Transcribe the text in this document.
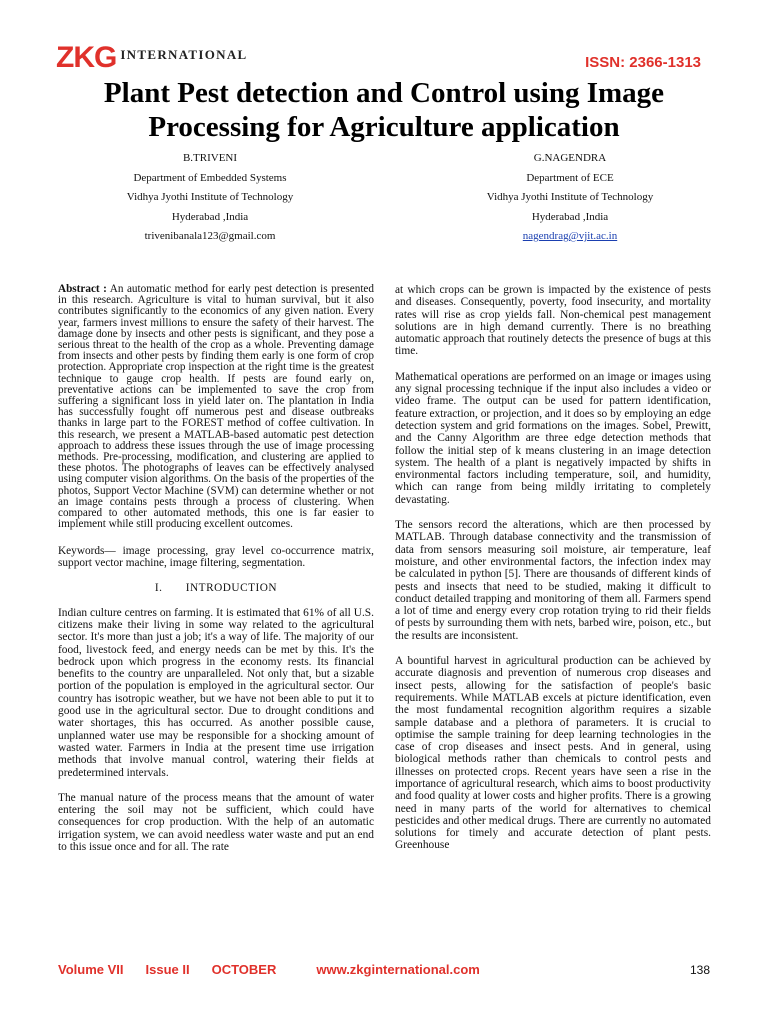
ZKG INTERNATIONAL	ISSN: 2366-1313
Plant Pest detection and Control using Image Processing for Agriculture application
B.TRIVENI
Department of Embedded Systems
Vidhya Jyothi Institute of Technology
Hyderabad ,India
trivenibanala123@gmail.com
G.NAGENDRA
Department of ECE
Vidhya Jyothi Institute of Technology
Hyderabad ,India
nagendrag@vjit.ac.in

Abstract : An automatic method for early pest detection is presented in this research. Agriculture is vital to human survival, but it also contributes significantly to the economics of any given nation. Every year, farmers invest millions to ensure the safety of their harvest. The damage done by insects and other pests is significant, and they pose a serious threat to the health of the crop as a whole. Preventing damage from insects and other pests by finding them early is one form of crop protection. Appropriate crop inspection at the right time is the greatest technique to gauge crop health. If pests are found early on, preventative actions can be implemented to save the crop from suffering a significant loss in yield later on. The plantation in India has successfully fought off numerous pest and disease outbreaks thanks in large part to the FOREST method of coffee cultivation. In this research, we present a MATLAB-based automatic pest detection approach to address these issues through the use of image processing methods. Pre-processing, modification, and clustering are applied to these photos. The photographs of leaves can be effectively analysed using computer vision algorithms. On the basis of the properties of the photos, Support Vector Machine (SVM) can determine whether or not an image contains pests through a process of clustering. When compared to other automated methods, this one is far easier to implement while still producing excellent outcomes.

Keywords— image processing, gray level co-occurrence matrix, support vector machine, image filtering, segmentation.

I.       INTRODUCTION

Indian culture centres on farming. It is estimated that 61% of all U.S. citizens make their living in some way related to the agricultural sector. It's more than just a job; it's a way of life. The majority of our food, livestock feed, and energy needs can be met by this. It's the bedrock upon which progress in the economy rests. Its financial benefits to the country are unparalleled. Not only that, but a sizable portion of the population is employed in the agricultural sector. Our country has isotropic weather, but we have not been able to put it to good use in the agricultural sector. Due to drought conditions and water shortages, this has occurred. As another possible cause, unplanned water use may be responsible for a shocking amount of wasted water. Farmers in India at the present time use irrigation methods that involve manual control, watering their fields at predetermined intervals.

The manual nature of the process means that the amount of water entering the soil may not be sufficient, which could have consequences for crop production. With the help of an automatic irrigation system, we can avoid needless water waste and put an end to this issue once and for all. The rate

at which crops can be grown is impacted by the existence of pests and diseases. Consequently, poverty, food insecurity, and mortality rates will rise as crop yields fall. Non-chemical pest management solutions are in high demand currently. There is no breathing automatic approach that routinely detects the presence of bugs at this time.

Mathematical operations are performed on an image or images using any signal processing technique if the input also includes a video or video frame. The output can be used for pattern identification, feature extraction, or projection, and it does so by employing an edge detection system and grid formations on the images. Sobel, Prewitt, and the Canny Algorithm are three edge detection methods that follow the initial step of k means clustering in an image detection system. The health of a plant is negatively impacted by shifts in environmental factors including temperature, soil, and humidity, which can range from being mildly irritating to completely devastating.

The sensors record the alterations, which are then processed by MATLAB. Through database connectivity and the transmission of data from sensors measuring soil moisture, air temperature, leaf moisture, and other environmental factors, the infection index may be calculated in python [5]. There are thousands of different kinds of pests and insects that need to be studied, making it difficult to conduct detailed trapping and monitoring of them all. Farmers spend a lot of time and energy every crop rotation trying to rid their fields of pests by surrounding them with nets, barbed wire, poison, etc., but the results are inconsistent.

A bountiful harvest in agricultural production can be achieved by accurate diagnosis and prevention of numerous crop diseases and insect pests, allowing for the satisfaction of people's basic requirements. While MATLAB excels at picture identification, even the most fundamental recognition algorithm requires a sizable sample database and a plethora of parameters. It is crucial to optimise the sample training for deep learning technologies in the case of crop diseases and insect pests. And in general, using biological methods rather than chemicals to control pests and illnesses on protected crops. Recent years have seen a rise in the importance of agricultural research, which aims to boost productivity and food quality at lower costs and higher profits. There is a growing need in many parts of the world for alternatives to chemical pesticides and other medical drugs. There are currently no automated solutions for timely and accurate detection of plant pests. Greenhouse

Volume VII Issue II OCTOBER	www.zkginternational.com	138
